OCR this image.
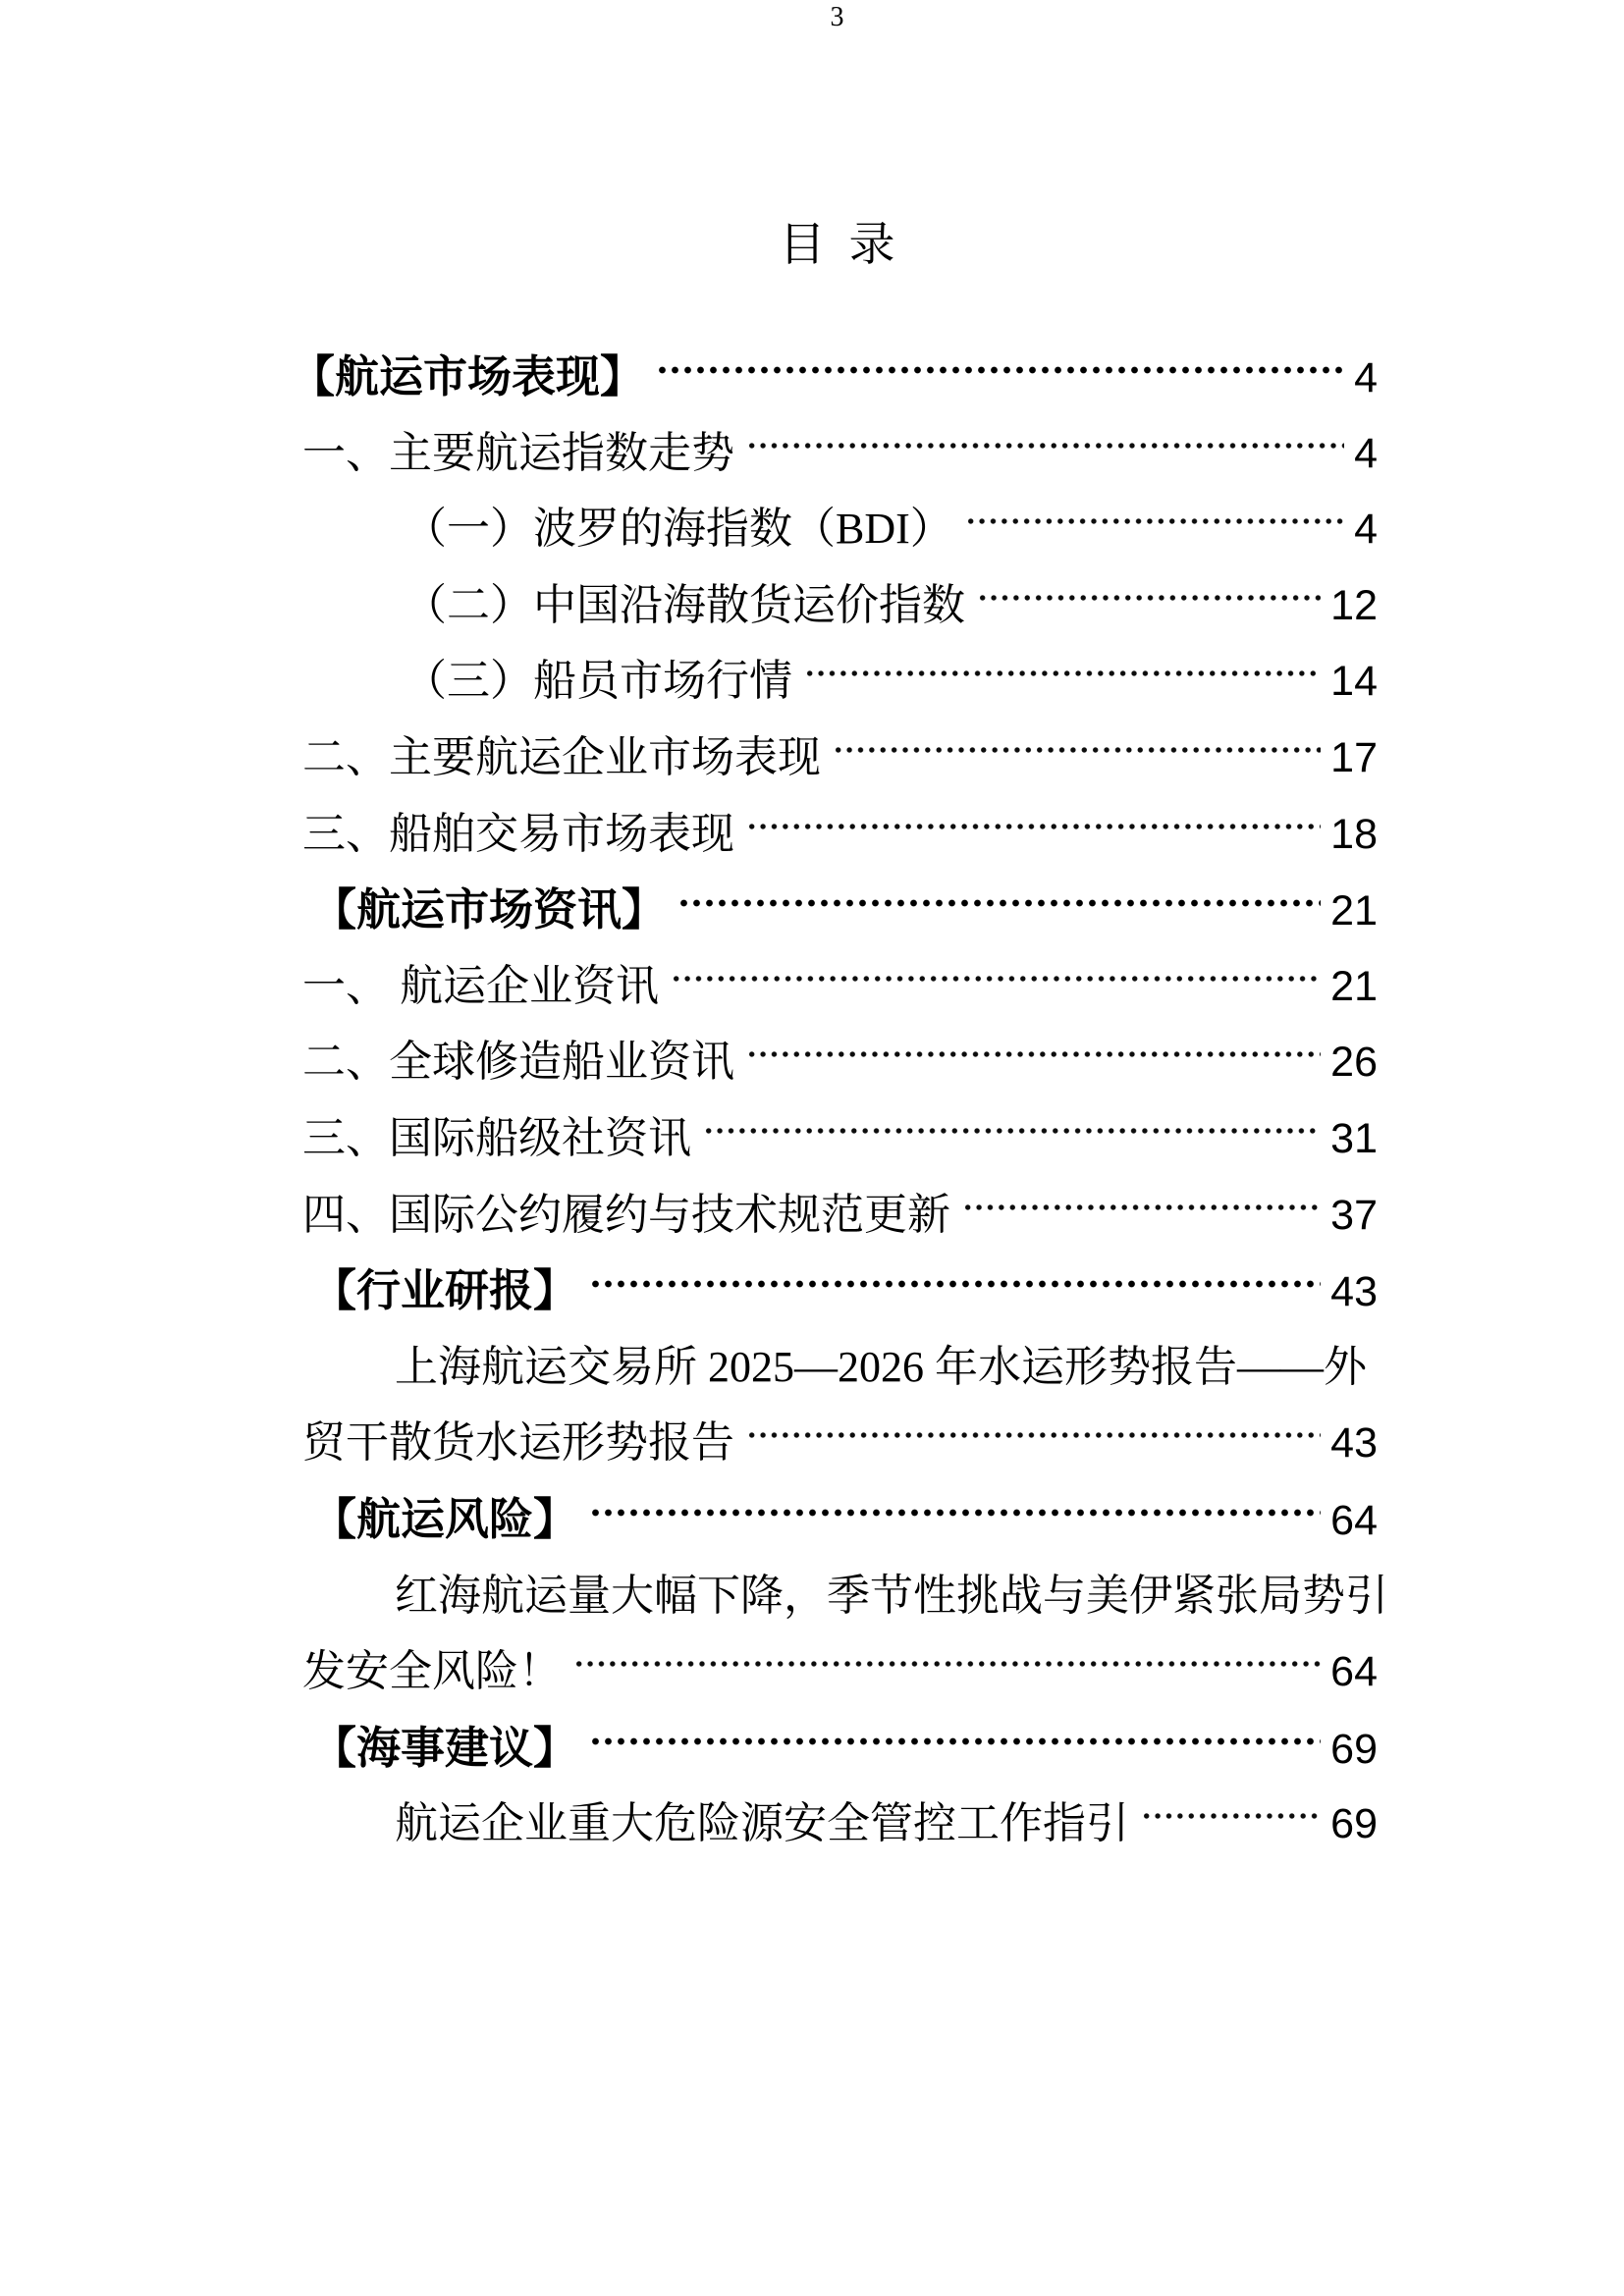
3
目录
【航运市场表现】	4
一、主要航运指数走势	4
（一）波罗的海指数（BDI）	4
（二）中国沿海散货运价指数	12
（三）船员市场行情	14
二、主要航运企业市场表现	17
三、船舶交易市场表现	18
【航运市场资讯】	21
一、 航运企业资讯	21
二、全球修造船业资讯	26
三、国际船级社资讯	31
四、国际公约履约与技术规范更新	37
【行业研报】	43
上海航运交易所 2025—2026 年水运形势报告——外
贸干散货水运形势报告	43
【航运风险】	64
红海航运量大幅下降，季节性挑战与美伊紧张局势引
发安全风险！	64
【海事建议】	69
航运企业重大危险源安全管控工作指引	69
